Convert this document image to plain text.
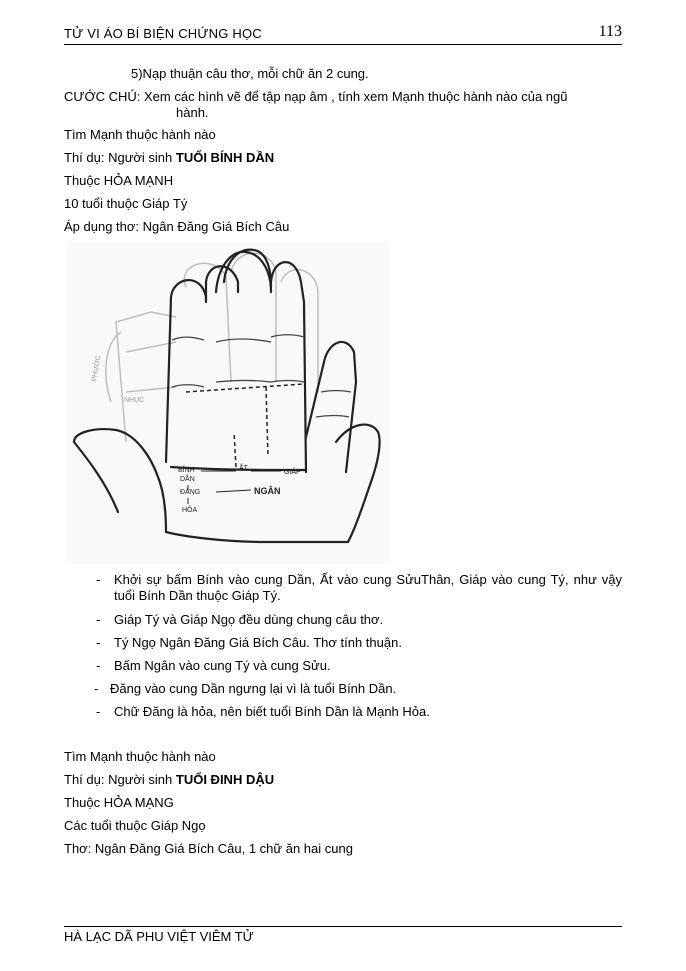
TỬ VI ÁO BÍ BIỆN CHỨNG HỌC	113
5)Nạp thuận câu thơ, mỗi chữ ăn 2 cung.
CƯỚC CHÚ: Xem các hình vẽ để tập nạp âm , tính xem Mạnh thuộc hành nào của ngũ
hành.
Tìm Mạnh thuộc hành nào
Thí dụ: Người sinh TUỔI BÍNH DẦN
Thuộc HỎA MẠNH
10 tuổi thuộc Giáp Tý
Áp dụng thơ: Ngân Đăng Giá Bích Câu
BÍNH
DẦN
ẤT
GIÁP
ĐĂNG
HỎA
NGÂN
PHƯỚC
NHỤC
- Khởi sự bấm Bính vào cung Dần, Ất vào cung SửuThân, Giáp vào cung Tý, như vậy tuổi Bính Dần thuộc Giáp Tý.
- Giáp Tý và Giáp Ngọ đều dùng chung câu thơ.
- Tý Ngọ Ngân Đăng Giá Bích Câu. Thơ tính thuận.
- Bấm Ngân vào cung Tý và cung Sửu.
- Đăng vào cung Dần ngưng lại vì là tuổi Bính Dần.
- Chữ Đăng là hỏa, nên biết tuổi Bính Dần là Mạnh Hỏa.
Tìm Mạnh thuộc hành nào
Thí dụ: Người sinh TUỔI ĐINH DẬU
Thuộc HỎA MẠNG
Các tuổi thuộc Giáp Ngọ
Thơ: Ngân Đăng Giá Bích Câu, 1 chữ ăn hai cung
HÀ LẠC DÃ PHU VIỆT VIÊM TỬ
